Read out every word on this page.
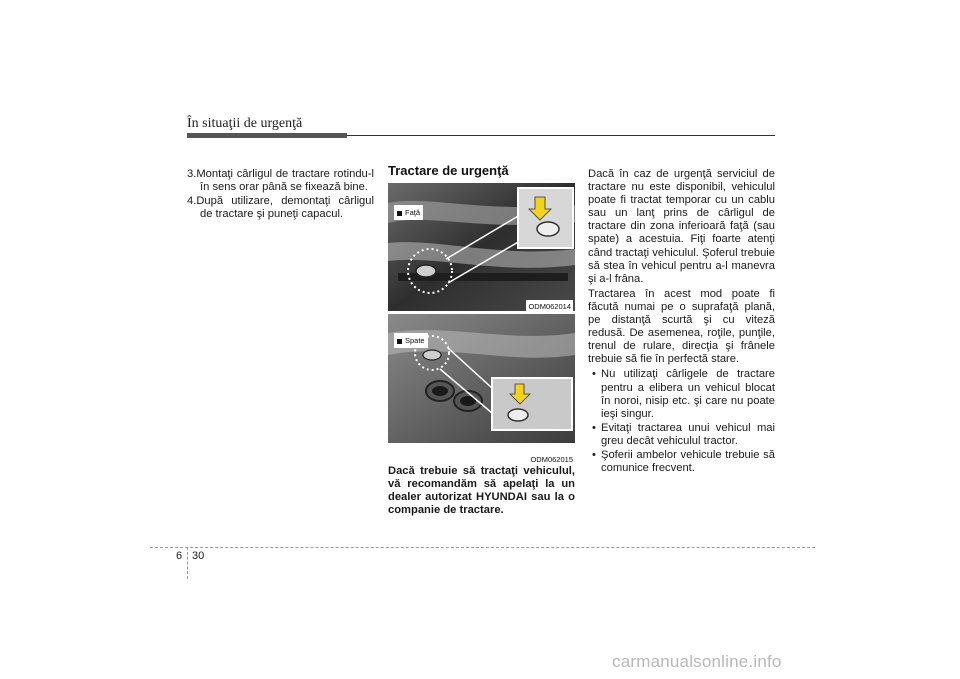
În situaţii de urgenţă
3.Montaţi cârligul de tractare rotindu-l în sens orar până se fixează bine.
4.După utilizare, demontaţi cârligul de tractare şi puneţi capacul.
Tractare de urgenţă
Faţă
ODM062014
Spate
ODM062015
Dacă trebuie să tractaţi vehiculul, vă recomandăm să apelaţi la un dealer autorizat HYUNDAI sau la o companie de tractare.

Dacă în caz de urgenţă serviciul de tractare nu este disponibil, vehiculul poate fi tractat temporar cu un cablu sau un lanţ prins de cârligul de tractare din zona inferioară faţă (sau spate) a acestuia. Fiţi foarte atenţi când tractaţi vehiculul. Şoferul trebuie să stea în vehicul pentru a-l manevra şi a-l frâna.

Tractarea în acest mod poate fi făcută numai pe o suprafaţă plană, pe distanţă scurtă şi cu viteză redusă. De asemenea, roţile, punţile, trenul de rulare, direcţia şi frânele trebuie să fie în perfectă stare.

• Nu utilizaţi cârligele de tractare pentru a elibera un vehicul blocat în noroi, nisip etc. şi care nu poate ieşi singur.
• Evitaţi tractarea unui vehicul mai greu decât vehiculul tractor.
• Şoferii ambelor vehicule trebuie să comunice frecvent.
6 30
carmanualsonline.info
